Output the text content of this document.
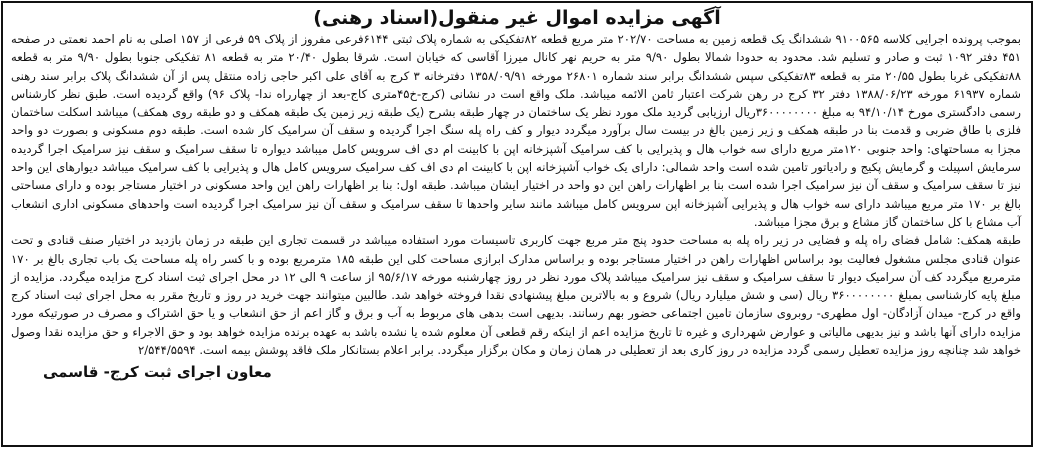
آگهی مزایده اموال غیر منقول(اسناد رهنی)

بموجب پرونده اجرایی کلاسه ۹۱۰۰۵۶۵ ششدانگ یک قطعه زمین به مساحت ۲۰۲/۷۰ متر مربع قطعه ۸۲تفکیکی به شماره پلاک ثبتی ۶۱۴۴فرعی مفروز از پلاک ۵۹ فرعی از ۱۵۷ اصلی به نام احمد نعمتی در صفحه ۴۵۱ دفتر ۱۰۹۲ ثبت و صادر و تسلیم شد. محدود به حدودا شمالا بطول ۹/۹۰ متر به حریم نهر کانال میرزا آقاسی که خیابان است. شرقا بطول ۲۰/۴۰ متر به قطعه ۸۱ تفکیکی جنوبا بطول ۹/۹۰ متر به قطعه ۸۸تفکیکی غربا بطول ۲۰/۵۵ متر به قطعه ۸۳تفکیکی سپس ششدانگ برابر سند شماره ۲۶۸۰۱ مورخه ۱۳۵۸/۰۹/۹۱ دفترخانه ۳ کرج به آقای علی اکبر حاجی زاده منتقل پس از آن ششدانگ پلاک برابر سند رهنی شماره ۶۱۹۳۷ مورخه ۱۳۸۸/۰۶/۲۳ دفتر ۳۲ کرج در رهن شرکت اعتبار ثامن الائمه میباشد. ملک واقع است در نشانی (کرج-خ۴۵متری کاج-بعد از چهارراه ندا- پلاک ۹۶) واقع گردیده است. طبق نظر کارشناس رسمی دادگستری مورخ ۹۴/۱۰/۱۴ به مبلغ ۳۶۰۰۰۰۰۰۰۰ریال ارزیابی گردید ملک مورد نظر یک ساختمان در چهار طبقه بشرح (یک طبقه زیر زمین یک طبقه همکف و دو طبقه روی همکف) میباشد اسکلت ساختمان فلزی با طاق ضربی و قدمت بنا در طبقه همکف و زیر زمین بالغ در بیست سال برآورد میگردد دیوار و کف راه پله سنگ اجرا گردیده و سقف آن سرامیک کار شده است. طبقه دوم مسکونی و بصورت دو واحد مجزا به مساحتهای: واحد جنوبی ۱۲۰متر مربع دارای سه خواب هال و پذیرایی با کف سرامیک آشپزخانه اپن با کابینت ام دی اف سرویس کامل میباشد دیواره تا سقف سرامیک و سقف نیز سرامیک اجرا گردیده سرمایش اسپیلت و گرمایش پکیج و رادیاتور تامین شده است واحد شمالی: دارای یک خواب آشپزخانه اپن با کابینت ام دی اف کف سرامیک سرویس کامل هال و پذیرایی با کف سرامیک میباشد دیوارهای این واحد نیز تا سقف سرامیک و سقف آن نیز سرامیک اجرا شده است بنا بر اظهارات راهن این دو واحد در اختیار ایشان میباشد. طبقه اول: بنا بر اظهارات راهن این واحد مسکونی در اختیار مستاجر بوده و دارای مساحتی بالغ بر ۱۷۰ متر مربع میباشد دارای سه خواب هال و پذیرایی آشپزخانه اپن سرویس کامل میباشد مانند سایر واحدها تا سقف سرامیک و سقف آن نیز سرامیک اجرا گردیده است واحدهای مسکونی اداری انشعاب آب مشاع با کل ساختمان گاز مشاع و برق مجزا میباشد.

طبقه همکف: شامل فضای راه پله و فضایی در زیر راه پله به مساحت حدود پنج متر مربع جهت کاربری تاسیسات مورد استفاده میباشد در قسمت تجاری این طبقه در زمان بازدید در اختیار صنف قنادی و تحت عنوان قنادی مجلس مشغول فعالیت بود براساس اظهارات راهن در اختیار مستاجر بوده و براساس مدارک ابرازی مساحت کلی این طبقه ۱۸۵ مترمربع بوده و با کسر راه پله مساحت یک باب تجاری بالغ بر ۱۷۰ مترمربع میگردد کف آن سرامیک دیوار تا سقف سرامیک و سقف نیز سرامیک میباشد پلاک مورد نظر در روز چهارشنبه مورخه ۹۵/۶/۱۷ از ساعت ۹ الی ۱۲ در محل اجرای ثبت اسناد کرج مزایده میگردد. مزایده از مبلغ پایه کارشناسی بمبلغ ۳۶۰۰۰۰۰۰۰۰ ریال (سی و شش میلیارد ریال) شروع و به بالاترین مبلغ پیشنهادی نقدا فروخته خواهد شد. طالبین میتوانند جهت خرید در روز و تاریخ مقرر به محل اجرای ثبت اسناد کرج واقع در کرج- میدان آزادگان- اول مطهری- روبروی سازمان تامین اجتماعی حضور بهم رسانند. بدیهی است بدهی های مربوط به آب و برق و گاز اعم از حق انشعاب و یا حق اشتراک و مصرف در صورتیکه مورد مزایده دارای آنها باشد و نیز بدیهی مالیاتی و عوارض شهرداری و غیره تا تاریخ مزایده اعم از اینکه رقم قطعی آن معلوم شده یا نشده باشد به عهده برنده مزایده خواهد بود و حق الاجراء و حق مزایده نقدا وصول خواهد شد چنانچه روز مزایده تعطیل رسمی گردد مزایده در روز کاری بعد از تعطیلی در همان زمان و مکان برگزار میگردد. برابر اعلام بستانکار ملک فاقد پوشش بیمه است. ۲/۵۴۴/۵۵۹۴

معاون اجرای ثبت کرج- قاسمی
